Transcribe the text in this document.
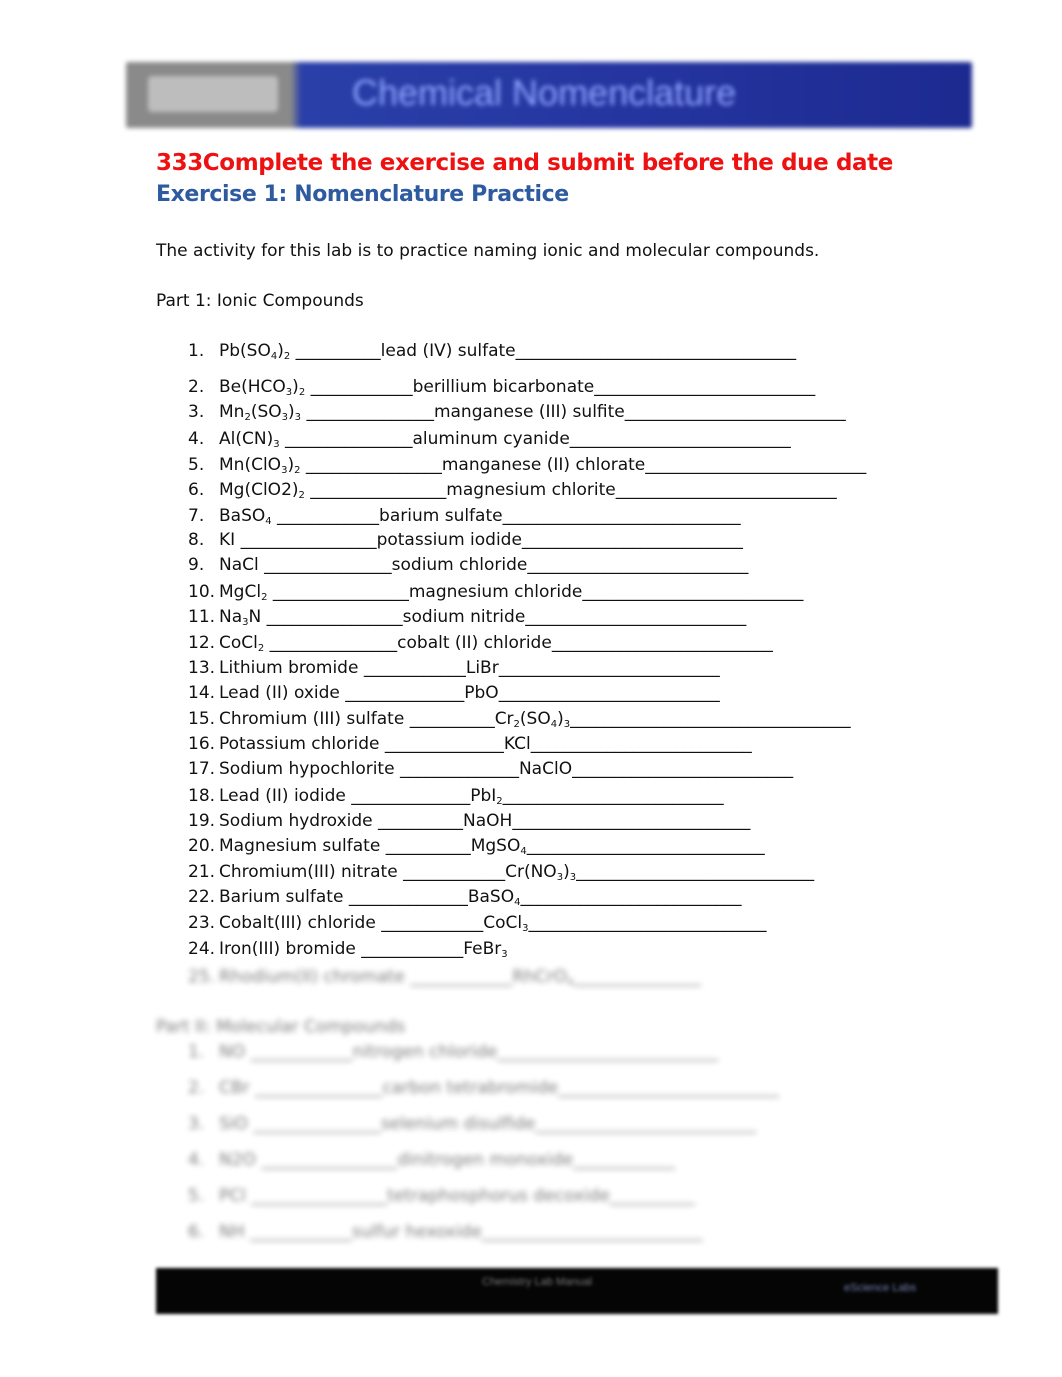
Chemical Nomenclature
333Complete the exercise and submit before the due date
Exercise 1: Nomenclature Practice
The activity for this lab is to practice naming ionic and molecular compounds.
Part 1: Ionic Compounds
1. $Pb(SO_4)_2$ __________lead (IV) sulfate_________________________________
2. $Be(HCO_3)_2$ ____________berillium bicarbonate__________________________
3. $Mn_2(SO_3)_3$ _______________manganese (III) sulfite__________________________
4. $Al(CN)_3$ _______________aluminum cyanide__________________________
5. $Mn(ClO_3)_2$ ________________manganese (II) chlorate__________________________
6. $Mg(ClO2)_2$ ________________magnesium chlorite__________________________
7. BaSO$_4$ ____________barium sulfate____________________________
8. KI ________________potassium iodide__________________________
9. NaCl _______________sodium chloride__________________________
10. MgCl$_2$ ________________magnesium chloride__________________________
11. $Na_3N$ ________________sodium nitride__________________________
12. CoCl$_2$ _______________cobalt (II) chloride__________________________
13. Lithium bromide ____________LiBr__________________________
14. Lead (II) oxide ______________PbO__________________________
15. Chromium (III) sulfate $\_\_\_\_\_\_\_\_\_\_Cr_2(SO_4)_3\_\_\_\_\_\_\_\_\_\_\_\_\_\_\_\_\_\_\_\_\_\_\_\_\_\_\_\_\_\_\_\_\_$
16. Potassium chloride ______________KCl__________________________
17. Sodium hypochlorite ______________NaClO__________________________
18. Lead (II) iodide ______________PbI$_2$__________________________
19. Sodium hydroxide __________NaOH____________________________
20. Magnesium sulfate __________MgSO$_4$____________________________
21. Chromium(III) nitrate $\_\_\_\_\_\_\_\_\_\_\_\_Cr(NO_3)_3\_\_\_\_\_\_\_\_\_\_\_\_\_\_\_\_\_\_\_\_\_\_\_\_\_\_\_\_$
22. Barium sulfate ______________BaSO$_4$__________________________
23. Cobalt(III) chloride ____________CoCl$_3$____________________________
24. Iron(III) bromide ____________FeBr$_3$
25. Rhodium(II) chromate ____________RhCrO$_4$_______________
Part II: Molecular Compounds
1. NO ____________nitrogen chloride__________________________
2. CBr _______________carbon tetrabromide__________________________
3. SiO _______________selenium disulfide__________________________
4. N2O ________________dinitrogen monoxide____________
5. PCl ________________tetraphosphorus decoxide__________
6. NH ____________sulfur hexoxide__________________________
Chemistry Lab Manual	eScience Labs
